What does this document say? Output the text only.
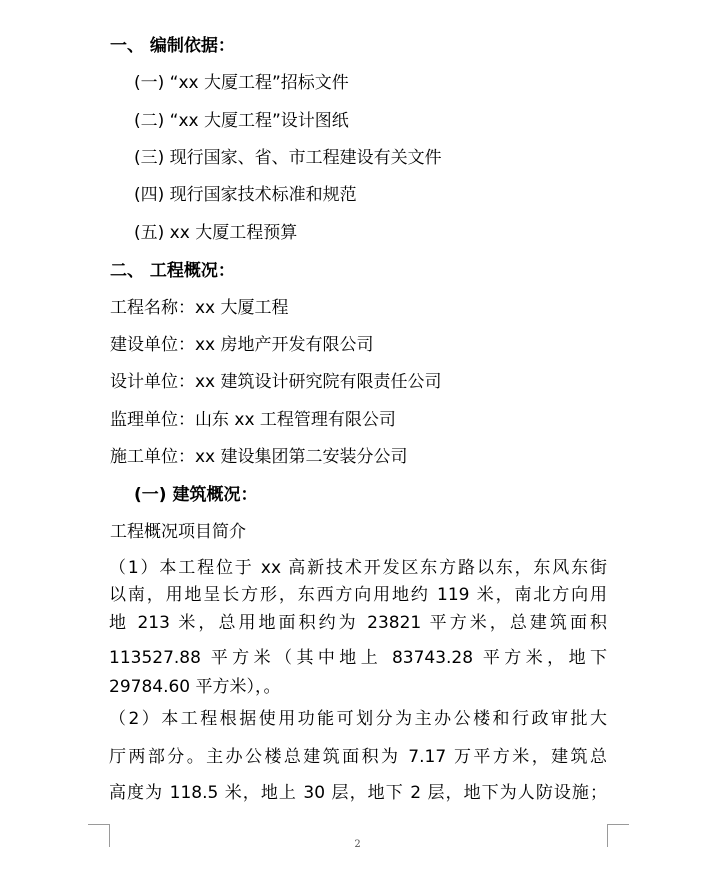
一、 编制依据：
(一) “xx 大厦工程”招标文件
(二) “xx 大厦工程”设计图纸
(三) 现行国家、省、市工程建设有关文件
(四) 现行国家技术标准和规范
(五) xx 大厦工程预算
二、 工程概况：
工程名称：xx 大厦工程
建设单位：xx 房地产开发有限公司
设计单位：xx 建筑设计研究院有限责任公司
监理单位：山东 xx 工程管理有限公司
施工单位：xx 建设集团第二安装分公司
(一) 建筑概况：
工程概况项目简介
（1）本工程位于 xx 高新技术开发区东方路以东，东风东街
以南，用地呈长方形，东西方向用地约 119 米，南北方向用
地 213 米，总用地面积约为 23821 平方米，总建筑面积
113527.88 平方米（其中地上 83743.28 平方米，地下
29784.60 平方米），。
（2）本工程根据使用功能可划分为主办公楼和行政审批大
厅两部分。主办公楼总建筑面积为 7.17 万平方米，建筑总
高度为 118.5 米，地上 30 层，地下 2 层，地下为人防设施；
2
